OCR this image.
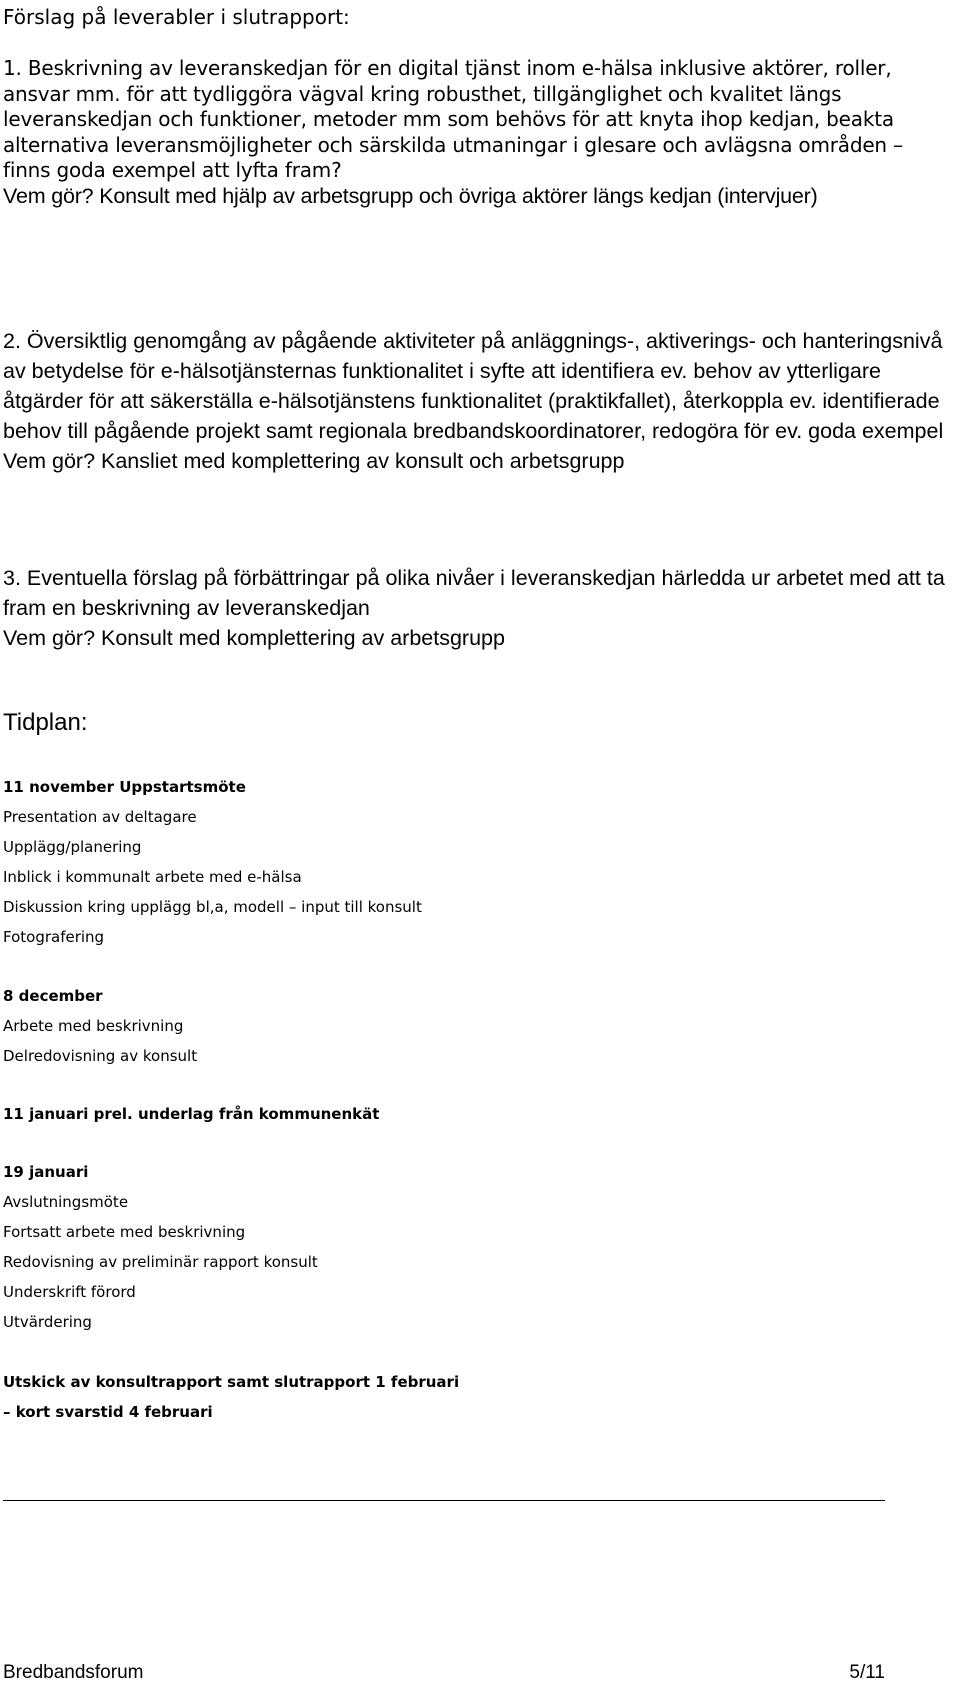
Förslag på leverabler i slutrapport:

1. Beskrivning av leveranskedjan för en digital tjänst inom e-hälsa inklusive aktörer, roller, ansvar mm. för att tydliggöra vägval kring robusthet, tillgänglighet och kvalitet längs leveranskedjan och funktioner, metoder mm som behövs för att knyta ihop kedjan, beakta alternativa leveransmöjligheter och särskilda utmaningar i glesare och avlägsna områden – finns goda exempel att lyfta fram?

Vem gör? Konsult med hjälp av arbetsgrupp och övriga aktörer längs kedjan (intervjuer)

2. Översiktlig genomgång av pågående aktiviteter på anläggnings-, aktiverings- och hanteringsnivå av betydelse för e-hälsotjänsternas funktionalitet i syfte att identifiera ev. behov av ytterligare åtgärder för att säkerställa e-hälsotjänstens funktionalitet (praktikfallet), återkoppla ev. identifierade behov till pågående projekt samt regionala bredbandskoordinatorer, redogöra för ev. goda exempel

Vem gör? Kansliet med komplettering av konsult och arbetsgrupp

3. Eventuella förslag på förbättringar på olika nivåer i leveranskedjan härledda ur arbetet med att ta fram en beskrivning av leveranskedjan

Vem gör? Konsult med komplettering av arbetsgrupp

Tidplan:
11 november Uppstartsmöte
Presentation av deltagare
Upplägg/planering
Inblick i kommunalt arbete med e-hälsa
Diskussion kring upplägg bl,a, modell – input till konsult
Fotografering
8 december
Arbete med beskrivning
Delredovisning av konsult
11 januari prel. underlag från kommunenkät
19 januari
Avslutningsmöte
Fortsatt arbete med beskrivning
Redovisning av preliminär rapport konsult
Underskrift förord
Utvärdering
Utskick av konsultrapport samt slutrapport 1 februari
– kort svarstid 4 februari
Bredbandsforum	5/11
